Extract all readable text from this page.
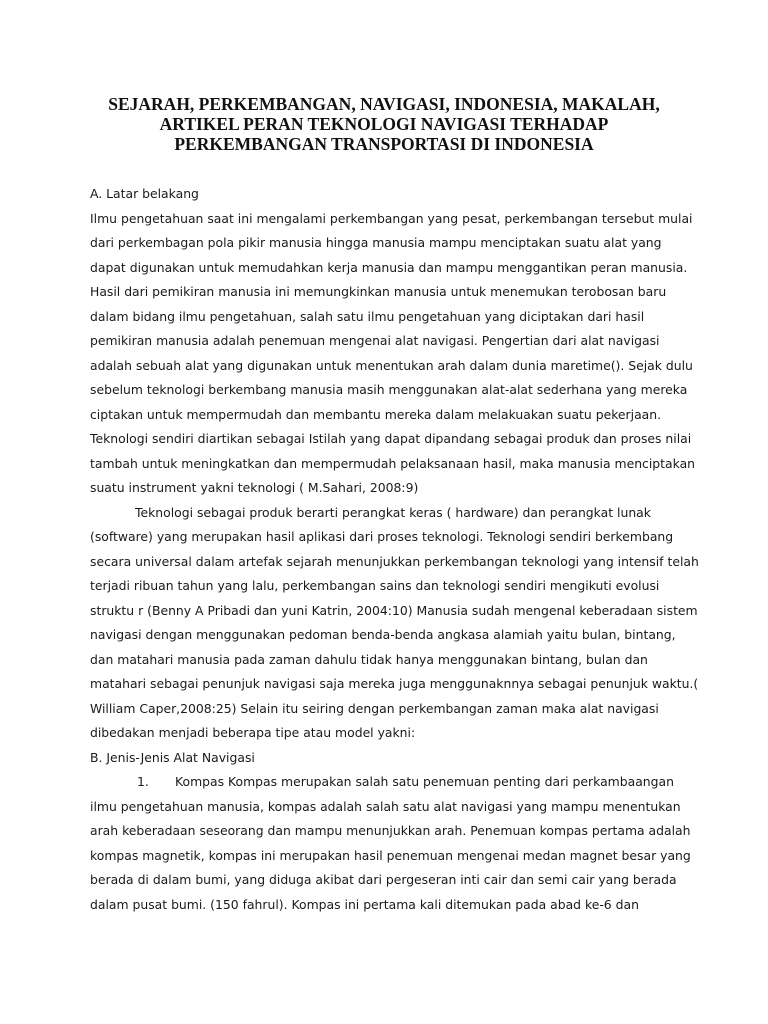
SEJARAH, PERKEMBANGAN, NAVIGASI, INDONESIA, MAKALAH,
ARTIKEL PERAN TEKNOLOGI NAVIGASI TERHADAP
PERKEMBANGAN TRANSPORTASI DI INDONESIA
A. Latar belakang
Ilmu pengetahuan saat ini mengalami perkembangan yang pesat, perkembangan tersebut mulai
dari perkembagan pola pikir manusia hingga manusia mampu menciptakan suatu alat yang
dapat digunakan untuk memudahkan kerja manusia dan mampu menggantikan peran manusia.
Hasil dari pemikiran manusia ini memungkinkan manusia untuk menemukan terobosan baru
dalam bidang ilmu pengetahuan, salah satu ilmu pengetahuan yang diciptakan dari hasil
pemikiran manusia adalah penemuan mengenai alat navigasi. Pengertian dari alat navigasi
adalah sebuah alat yang digunakan untuk menentukan arah dalam dunia maretime(). Sejak dulu
sebelum teknologi berkembang manusia masih menggunakan alat-alat sederhana yang mereka
ciptakan untuk mempermudah dan membantu mereka dalam melakuakan suatu pekerjaan.
Teknologi sendiri diartikan sebagai Istilah yang dapat dipandang sebagai produk dan proses nilai
tambah untuk meningkatkan dan mempermudah pelaksanaan hasil, maka manusia menciptakan
suatu instrument yakni teknologi ( M.Sahari, 2008:9)
Teknologi sebagai produk berarti perangkat keras ( hardware) dan perangkat lunak
(software) yang merupakan hasil aplikasi dari proses teknologi. Teknologi sendiri berkembang
secara universal dalam artefak sejarah menunjukkan perkembangan teknologi yang intensif telah
terjadi ribuan tahun yang lalu, perkembangan sains dan teknologi sendiri mengikuti evolusi
struktu r (Benny A Pribadi dan yuni Katrin, 2004:10) Manusia sudah mengenal keberadaan sistem
navigasi dengan menggunakan pedoman benda-benda angkasa alamiah yaitu bulan, bintang,
dan matahari manusia pada zaman dahulu tidak hanya menggunakan bintang, bulan dan
matahari sebagai penunjuk navigasi saja mereka juga menggunaknnya sebagai penunjuk waktu.(
William Caper,2008:25) Selain itu seiring dengan perkembangan zaman maka alat navigasi
dibedakan menjadi beberapa tipe atau model yakni:
B. Jenis-Jenis Alat Navigasi
1. Kompas Kompas merupakan salah satu penemuan penting dari perkambaangan
ilmu pengetahuan manusia, kompas adalah salah satu alat navigasi yang mampu menentukan
arah keberadaan seseorang dan mampu menunjukkan arah. Penemuan kompas pertama adalah
kompas magnetik, kompas ini merupakan hasil penemuan mengenai medan magnet besar yang
berada di dalam bumi, yang diduga akibat dari pergeseran inti cair dan semi cair yang berada
dalam pusat bumi. (150 fahrul). Kompas ini pertama kali ditemukan pada abad ke-6 dan
